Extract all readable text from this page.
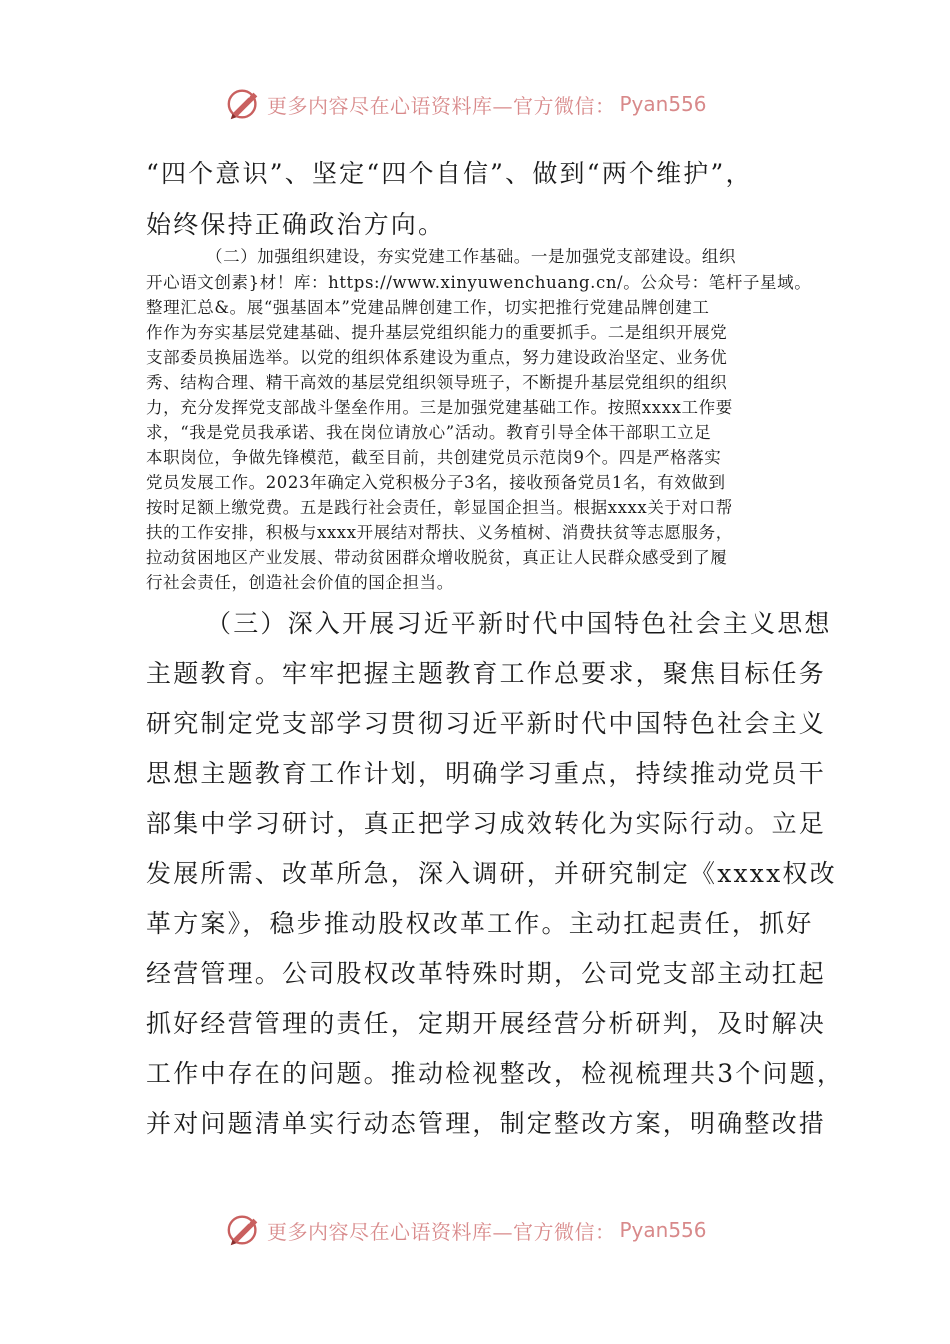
更多内容尽在心语资料库—官方微信： Pyan556

“四个意识”、坚定“四个自信”、做到“两个维护”，

始终保持正确政治方向。

（二）加强组织建设，夯实党建工作基础。一是加强党支部建设。组织

开心语文创素}材！库：https://www.xinyuwenchuang.cn/。公众号：笔杆子星域。

整理汇总&。展“强基固本”党建品牌创建工作，切实把推行党建品牌创建工

作作为夯实基层党建基础、提升基层党组织能力的重要抓手。二是组织开展党

支部委员换届选举。以党的组织体系建设为重点，努力建设政治坚定、业务优

秀、结构合理、精干高效的基层党组织领导班子，不断提升基层党组织的组织

力，充分发挥党支部战斗堡垒作用。三是加强党建基础工作。按照xxxx工作要

求，“我是党员我承诺、我在岗位请放心”活动。教育引导全体干部职工立足

本职岗位，争做先锋模范，截至目前，共创建党员示范岗9个。四是严格落实

党员发展工作。2023年确定入党积极分子3名，接收预备党员1名，有效做到

按时足额上缴党费。五是践行社会责任，彰显国企担当。根据xxxx关于对口帮

扶的工作安排，积极与xxxx开展结对帮扶、义务植树、消费扶贫等志愿服务，

拉动贫困地区产业发展、带动贫困群众增收脱贫，真正让人民群众感受到了履

行社会责任，创造社会价值的国企担当。

（三）深入开展习近平新时代中国特色社会主义思想

主题教育。牢牢把握主题教育工作总要求，聚焦目标任务

研究制定党支部学习贯彻习近平新时代中国特色社会主义

思想主题教育工作计划，明确学习重点，持续推动党员干

部集中学习研讨，真正把学习成效转化为实际行动。立足

发展所需、改革所急，深入调研，并研究制定《xxxx权改

革方案》，稳步推动股权改革工作。主动扛起责任，抓好

经营管理。公司股权改革特殊时期，公司党支部主动扛起

抓好经营管理的责任，定期开展经营分析研判，及时解决

工作中存在的问题。推动检视整改，检视梳理共3个问题，

并对问题清单实行动态管理，制定整改方案，明确整改措

更多内容尽在心语资料库—官方微信： Pyan556
